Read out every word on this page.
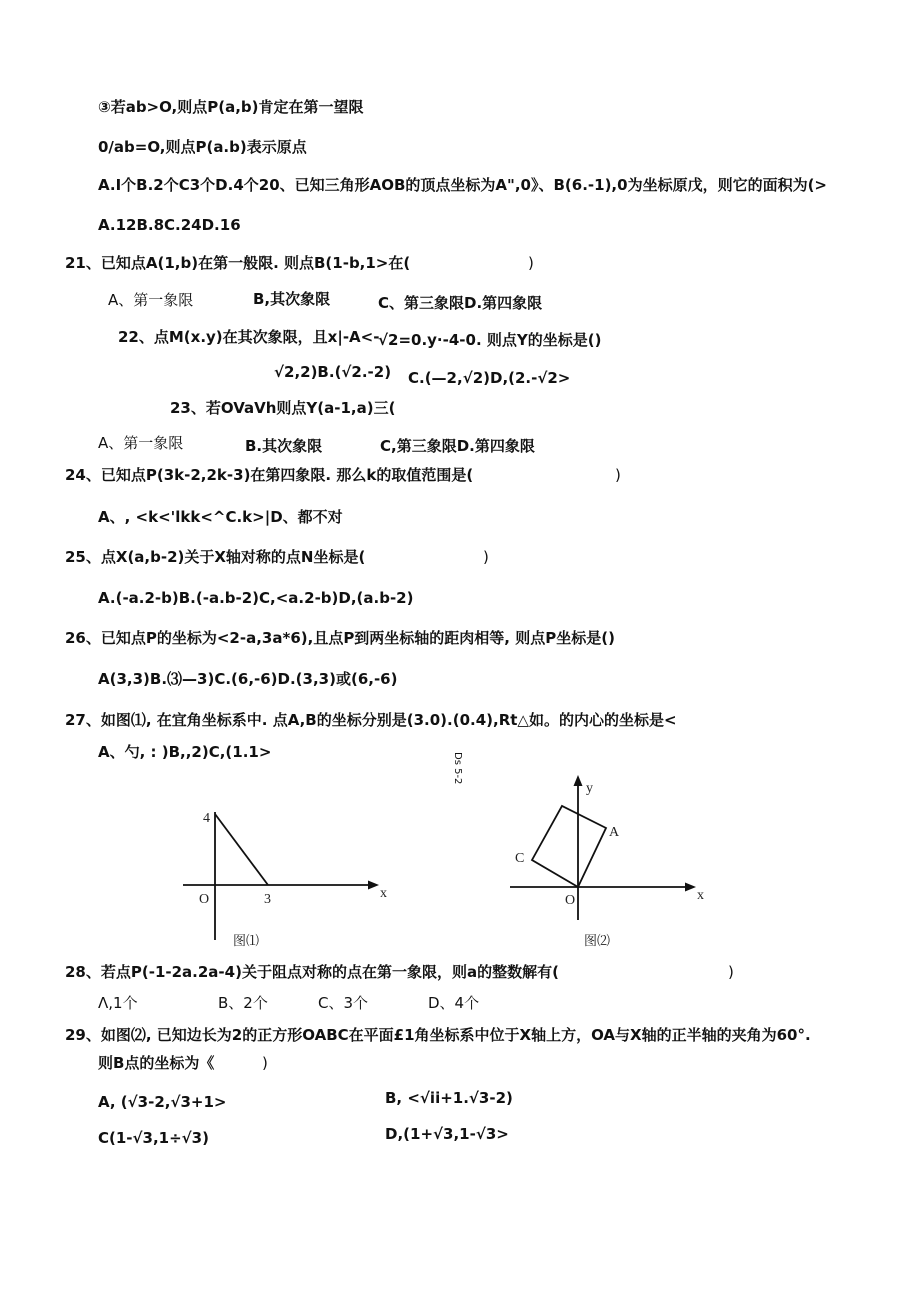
③若ab>O,则点P(a,b)肯定在第一望限
0/ab=O,则点P(a.b)表示原点
A.I个B.2个C3个D.4个20、已知三角形AOB的顶点坐标为A",0》、B(6.-1),0为坐标原戊，则它的面积为(>
A.12B.8C.24D.16
21、已知点A(1,b)在第一般限. 则点B(1-b,1>在(	)
A、第一象限	B,其次象限	C、第三象限D.第四象限
22、点M(x.y)在其次象限，且x|-A<-
√2=0.y·-4-0. 则点Y的坐标是()
√2,2)B.(√2.-2) C.(—2,√2)D,(2.-√2>
23、若OVaVh则点Y(a-1,a)三(
A、第一象限	B.其次象限	C,第三象限D.第四象限
24、已知点P(3k-2,2k-3)在第四象限. 那么k的取值范围是(	)
A、, <k<'lkk<^C.k>|D、都不对
25、点X(a,b-2)关于X轴对称的点N坐标是(	)
A.(-a.2-b)B.(-a.b-2)C,<a.2-b)D,(a.b-2)
26、已知点P的坐标为<2-a,3a*6),且点P到两坐标轴的距肉相等, 则点P坐标是()
A(3,3)B.⑶—3)C.(6,-6)D.(3,3)或(6,-6)
27、如图⑴, 在宜角坐标系中. 点A,B的坐标分别是(3.0).(0.4),Rt△如。的内心的坐标是<
A、勺, : )B,,2)C,(1.1>	Ds 5-2
4
O	3	x
图⑴
y
A
C
O	x
图⑵
28、若点P(-1-2a.2a-4)关于阻点对称的点在第一象限，则a的整数解有(	)
Λ,1个	B、2个	C、3个	D、4个
29、如图⑵, 已知边长为2的正方形OABC在平面£1角坐标系中位于X轴上方，OA与X轴的正半轴的夹角为60°.
则B点的坐标为《	)
A, (√3-2,√3+1>	B, <√ii+1.√3-2)
C(1-√3,1÷√3)	D,(1+√3,1-√3>
